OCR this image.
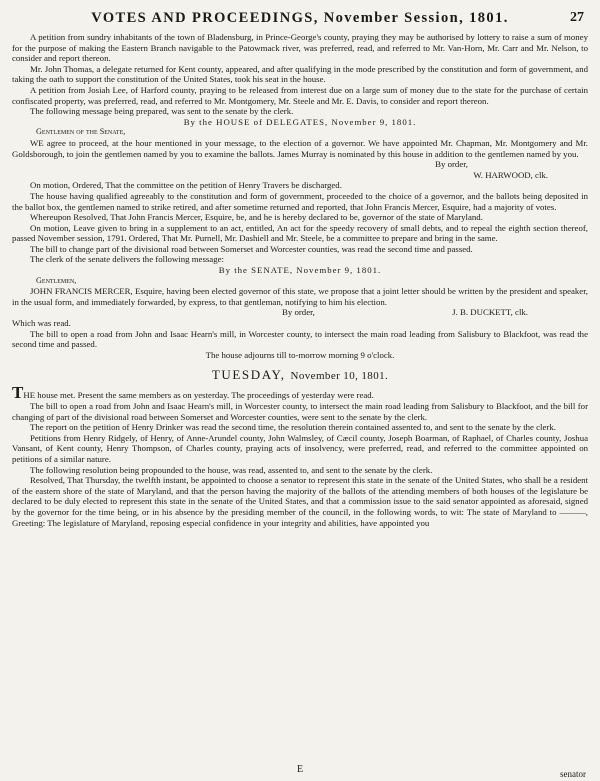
VOTES AND PROCEEDINGS, November Session, 1801.	27

A petition from sundry inhabitants of the town of Bladensburg, in Prince-George's county, praying they may be authorised by lottery to raise a sum of money for the purpose of making the Eastern Branch navigable to the Patowmack river, was preferred, read, and referred to Mr. Van-Horn, Mr. Carr and Mr. Nelson, to consider and report thereon.

Mr. John Thomas, a delegate returned for Kent county, appeared, and after qualifying in the mode prescribed by the constitution and form of government, and taking the oath to support the constitution of the United States, took his seat in the house.

A petition from Josiah Lee, of Harford county, praying to be released from interest due on a large sum of money due to the state for the purchase of certain confiscated property, was preferred, read, and referred to Mr. Montgomery, Mr. Steele and Mr. E. Davis, to consider and report thereon.

The following message being prepared, was sent to the senate by the clerk.

By the HOUSE of DELEGATES, November 9, 1801.

Gentlemen of the Senate,

WE agree to proceed, at the hour mentioned in your message, to the election of a governor. We have appointed Mr. Chapman, Mr. Montgomery and Mr. Goldsborough, to join the gentlemen named by you to examine the ballots. James Murray is nominated by this house in addition to the gentlemen named by you.

By order,

W. HARWOOD, clk.

On motion, Ordered, That the committee on the petition of Henry Travers be discharged.

The house having qualified agreeably to the constitution and form of government, proceeded to the choice of a governor, and the ballots being deposited in the ballot box, the gentlemen named to strike retired, and after sometime returned and reported, that John Francis Mercer, Esquire, had a majority of votes.

Whereupon Resolved, That John Francis Mercer, Esquire, be, and he is hereby declared to be, governor of the state of Maryland.

On motion, Leave given to bring in a supplement to an act, entitled, An act for the speedy recovery of small debts, and to repeal the eighth section thereof, passed November session, 1791. Ordered, That Mr. Purnell, Mr. Dashiell and Mr. Steele, be a committee to prepare and bring in the same.

The bill to change part of the divisional road between Somerset and Worcester counties, was read the second time and passed.

The clerk of the senate delivers the following message:

By the SENATE, November 9, 1801.

Gentlemen,

JOHN FRANCIS MERCER, Esquire, having been elected governor of this state, we propose that a joint letter should be written by the president and speaker, in the usual form, and immediately forwarded, by express, to that gentleman, notifying to him his election.

By order,	J. B. DUCKETT, clk.

Which was read.

The bill to open a road from John and Isaac Hearn's mill, in Worcester county, to intersect the main road leading from Salisbury to Blackfoot, was read the second time and passed.

The house adjourns till to-morrow morning 9 o'clock.

TUESDAY, November 10, 1801.

THE house met. Present the same members as on yesterday. The proceedings of yesterday were read.

The bill to open a road from John and Isaac Hearn's mill, in Worcester county, to intersect the main road leading from Salisbury to Blackfoot, and the bill for changing of part of the divisional road between Somerset and Worcester counties, were sent to the senate by the clerk.

The report on the petition of Henry Drinker was read the second time, the resolution therein contained assented to, and sent to the senate by the clerk.

Petitions from Henry Ridgely, of Henry, of Anne-Arundel county, John Walmsley, of Cæcil county, Joseph Boarman, of Raphael, of Charles county, Joshua Vansant, of Kent county, Henry Thompson, of Charles county, praying acts of insolvency, were preferred, read, and referred to the committee appointed on petitions of a similar nature.

The following resolution being propounded to the house, was read, assented to, and sent to the senate by the clerk.

Resolved, That Thursday, the twelfth instant, be appointed to choose a senator to represent this state in the senate of the United States, who shall be a resident of the eastern shore of the state of Maryland, and that the person having the majority of the ballots of the attending members of both houses of the legislature be declared to be duly elected to represent this state in the senate of the United States, and that a commission issue to the said senator appointed as aforesaid, signed by the governor for the time being, or in his absence by the presiding member of the council, in the following words, to wit: The state of Maryland to ———, Greeting: The legislature of Maryland, reposing especial confidence in your integrity and abilities, have appointed you

E	senator
